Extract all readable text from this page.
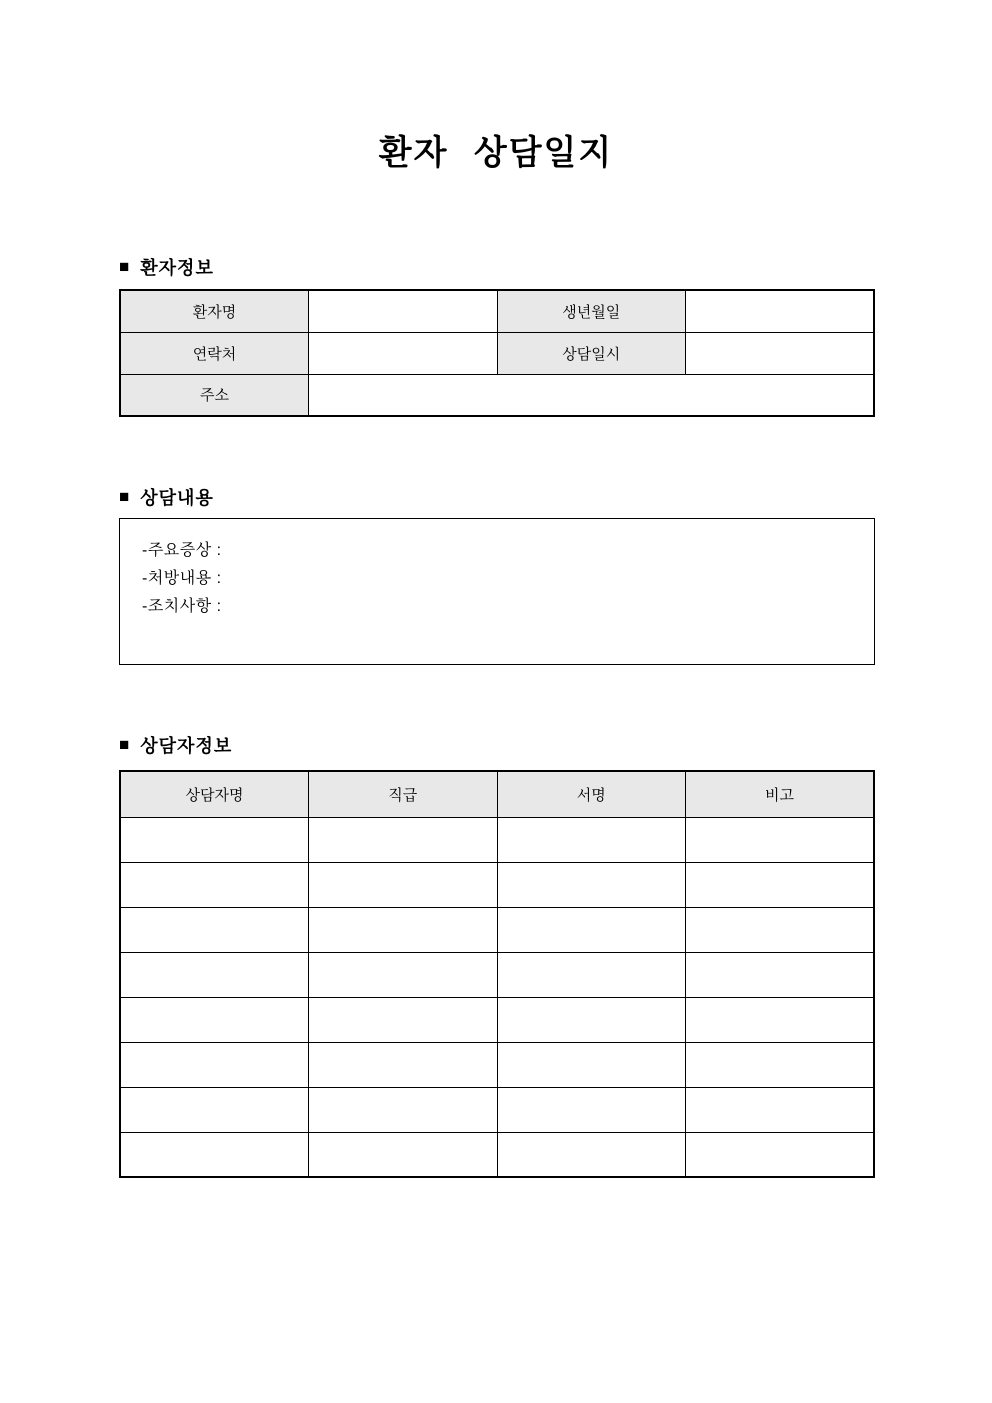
환자 상담일지
■ 환자정보
환자명		생년월일	
연락처		상담일시	
주소			
■ 상담내용
-주요증상 :
-처방내용 :
-조치사항 :
■ 상담자정보
상담자명	직급	서명	비고
